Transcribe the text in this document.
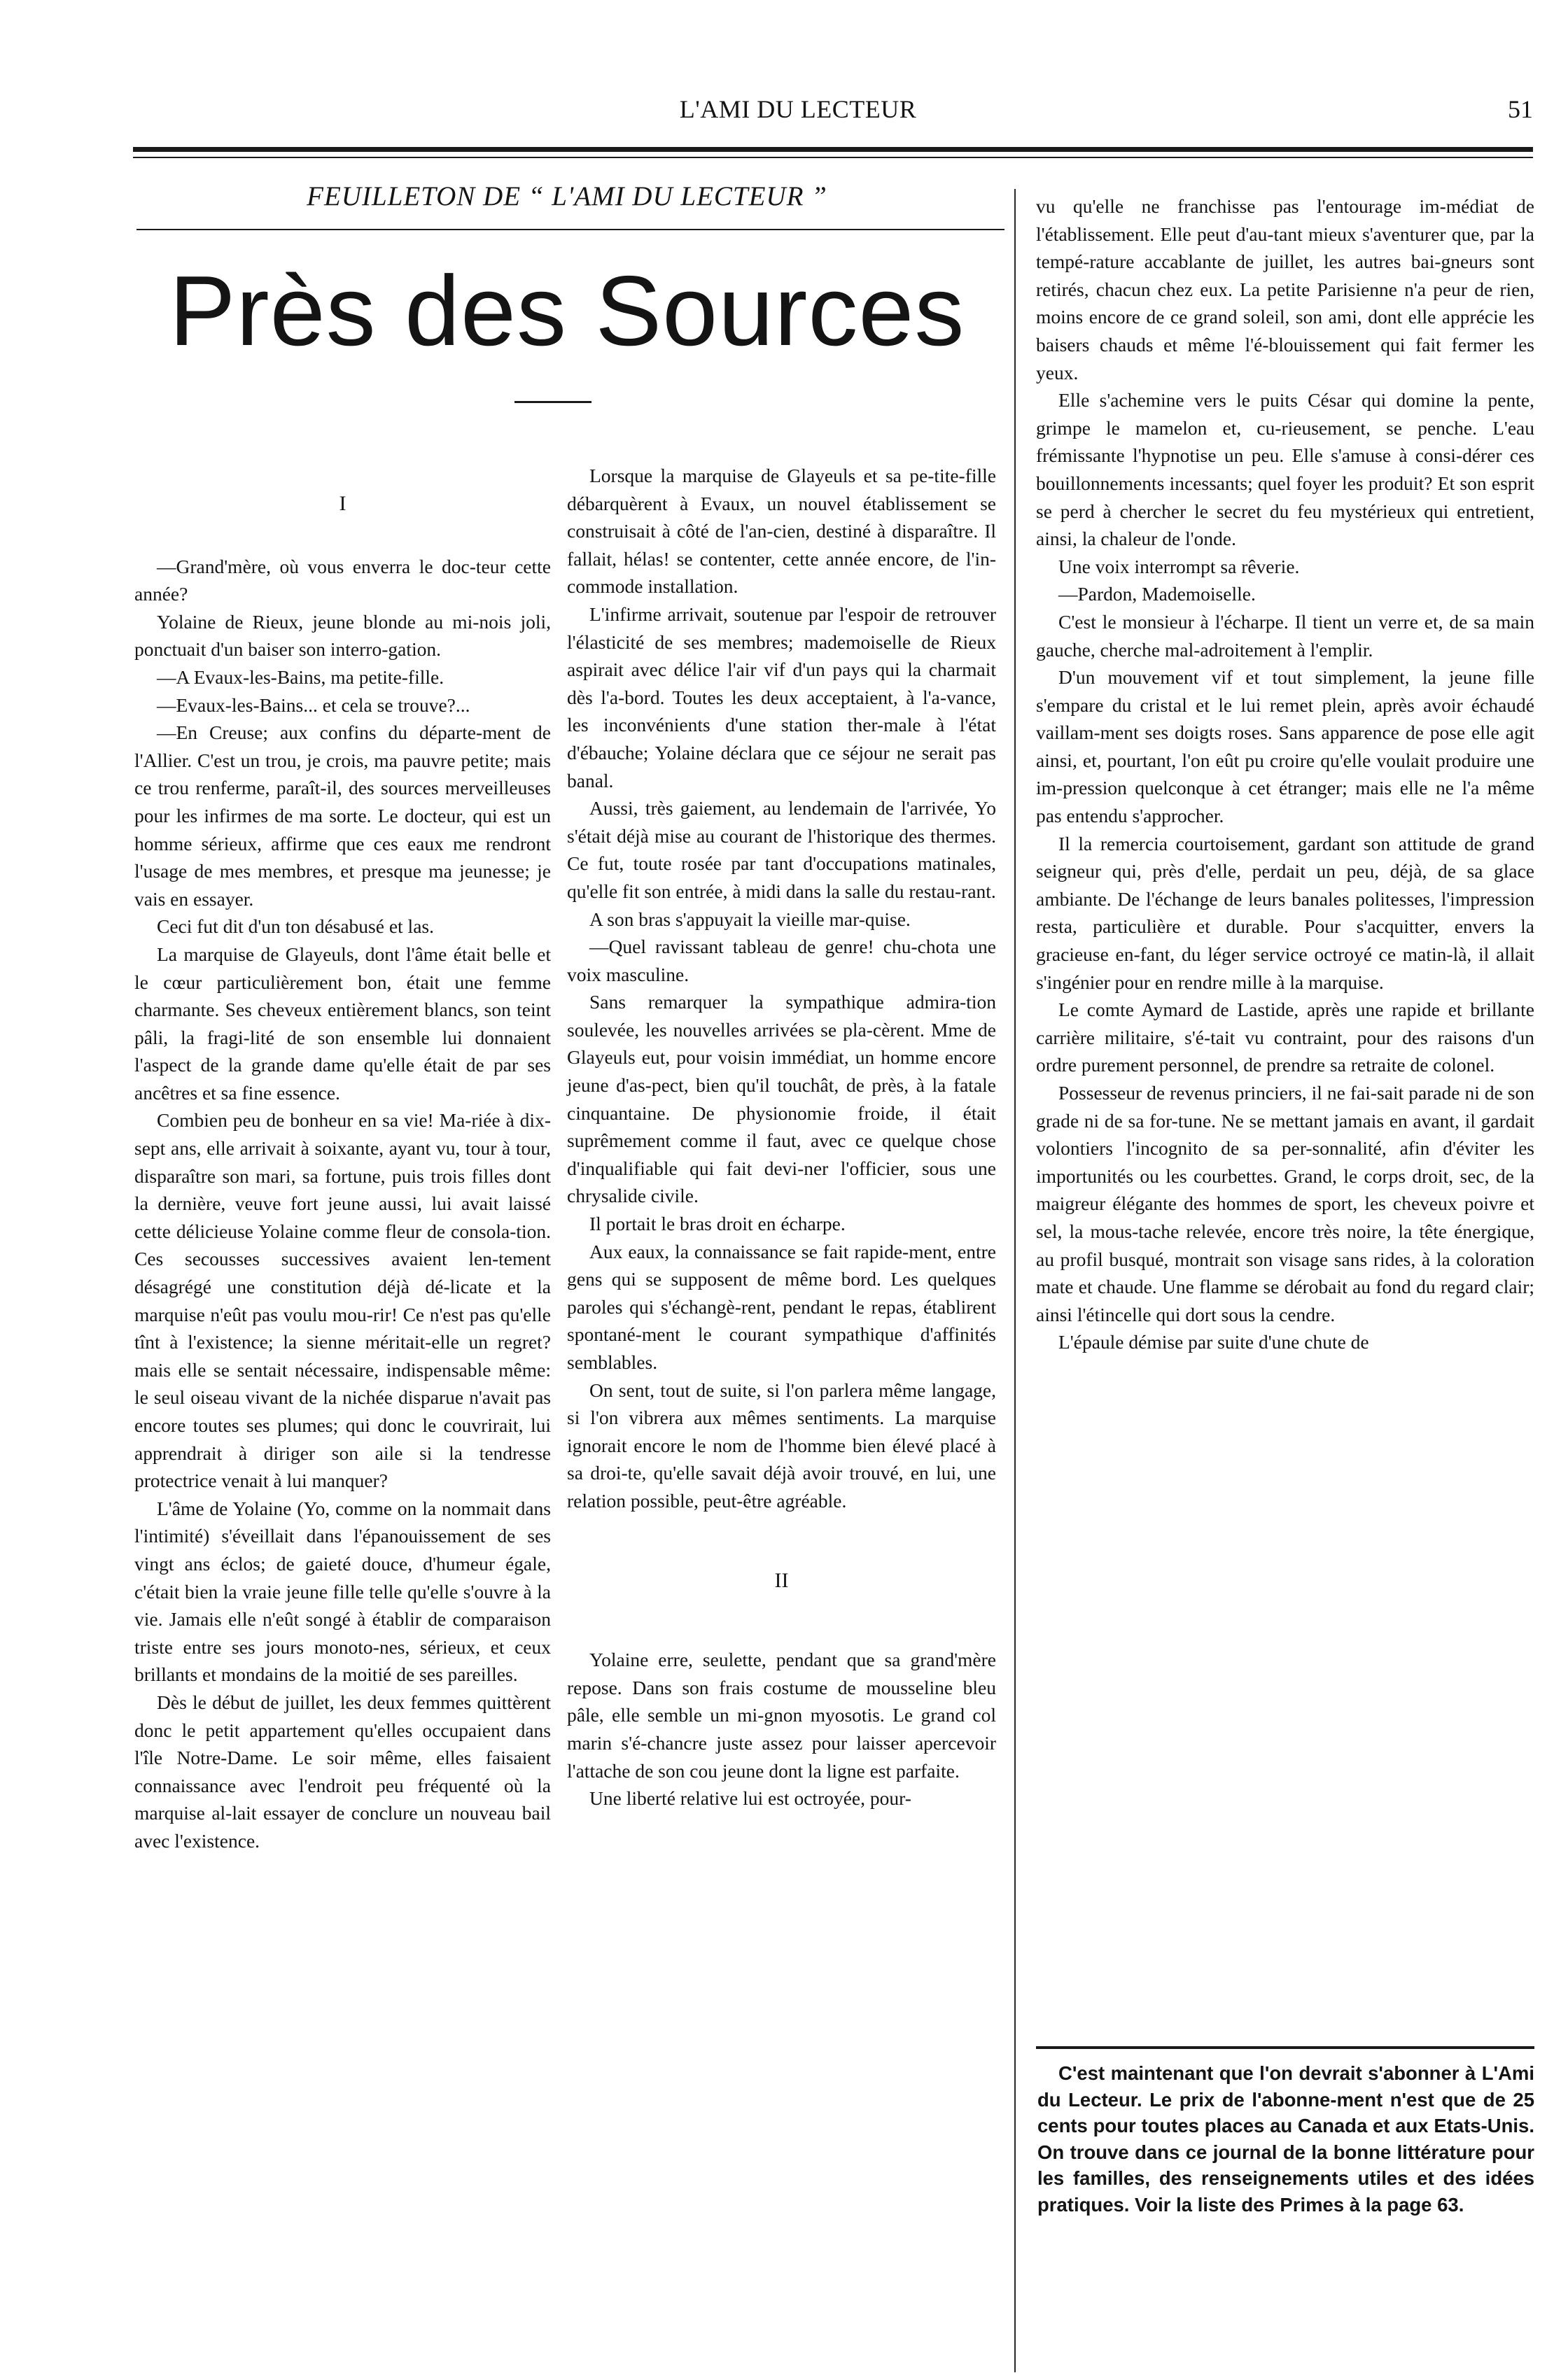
L'AMI DU LECTEUR	51
FEUILLETON DE “ L'AMI DU LECTEUR ”
Près des Sources

I

—Grand'mère, où vous enverra le doc-teur cette année?

Yolaine de Rieux, jeune blonde au mi-nois joli, ponctuait d'un baiser son interro-gation.

—A Evaux-les-Bains, ma petite-fille.

—Evaux-les-Bains... et cela se trouve?...

—En Creuse; aux confins du départe-ment de l'Allier. C'est un trou, je crois, ma pauvre petite; mais ce trou renferme, paraît-il, des sources merveilleuses pour les infirmes de ma sorte. Le docteur, qui est un homme sérieux, affirme que ces eaux me rendront l'usage de mes membres, et presque ma jeunesse; je vais en essayer.

Ceci fut dit d'un ton désabusé et las.

La marquise de Glayeuls, dont l'âme était belle et le cœur particulièrement bon, était une femme charmante. Ses cheveux entièrement blancs, son teint pâli, la fragi-lité de son ensemble lui donnaient l'aspect de la grande dame qu'elle était de par ses ancêtres et sa fine essence.

Combien peu de bonheur en sa vie! Ma-riée à dix-sept ans, elle arrivait à soixante, ayant vu, tour à tour, disparaître son mari, sa fortune, puis trois filles dont la dernière, veuve fort jeune aussi, lui avait laissé cette délicieuse Yolaine comme fleur de consola-tion. Ces secousses successives avaient len-tement désagrégé une constitution déjà dé-licate et la marquise n'eût pas voulu mou-rir! Ce n'est pas qu'elle tînt à l'existence; la sienne méritait-elle un regret? mais elle se sentait nécessaire, indispensable même: le seul oiseau vivant de la nichée disparue n'avait pas encore toutes ses plumes; qui donc le couvrirait, lui apprendrait à diriger son aile si la tendresse protectrice venait à lui manquer?

L'âme de Yolaine (Yo, comme on la nommait dans l'intimité) s'éveillait dans l'épanouissement de ses vingt ans éclos; de gaieté douce, d'humeur égale, c'était bien la vraie jeune fille telle qu'elle s'ouvre à la vie. Jamais elle n'eût songé à établir de comparaison triste entre ses jours monoto-nes, sérieux, et ceux brillants et mondains de la moitié de ses pareilles.

Dès le début de juillet, les deux femmes quittèrent donc le petit appartement qu'elles occupaient dans l'île Notre-Dame. Le soir même, elles faisaient connaissance avec l'endroit peu fréquenté où la marquise al-lait essayer de conclure un nouveau bail avec l'existence.

Lorsque la marquise de Glayeuls et sa pe-tite-fille débarquèrent à Evaux, un nouvel établissement se construisait à côté de l'an-cien, destiné à disparaître. Il fallait, hélas! se contenter, cette année encore, de l'in-commode installation.

L'infirme arrivait, soutenue par l'espoir de retrouver l'élasticité de ses membres; mademoiselle de Rieux aspirait avec délice l'air vif d'un pays qui la charmait dès l'a-bord. Toutes les deux acceptaient, à l'a-vance, les inconvénients d'une station ther-male à l'état d'ébauche; Yolaine déclara que ce séjour ne serait pas banal.

Aussi, très gaiement, au lendemain de l'arrivée, Yo s'était déjà mise au courant de l'historique des thermes. Ce fut, toute rosée par tant d'occupations matinales, qu'elle fit son entrée, à midi dans la salle du restau-rant.

A son bras s'appuyait la vieille mar-quise.

—Quel ravissant tableau de genre! chu-chota une voix masculine.

Sans remarquer la sympathique admira-tion soulevée, les nouvelles arrivées se pla-cèrent. Mme de Glayeuls eut, pour voisin immédiat, un homme encore jeune d'as-pect, bien qu'il touchât, de près, à la fatale cinquantaine. De physionomie froide, il était suprêmement comme il faut, avec ce quelque chose d'inqualifiable qui fait devi-ner l'officier, sous une chrysalide civile.

Il portait le bras droit en écharpe.

Aux eaux, la connaissance se fait rapide-ment, entre gens qui se supposent de même bord. Les quelques paroles qui s'échangè-rent, pendant le repas, établirent spontané-ment le courant sympathique d'affinités semblables.

On sent, tout de suite, si l'on parlera même langage, si l'on vibrera aux mêmes sentiments. La marquise ignorait encore le nom de l'homme bien élevé placé à sa droi-te, qu'elle savait déjà avoir trouvé, en lui, une relation possible, peut-être agréable.

II

Yolaine erre, seulette, pendant que sa grand'mère repose. Dans son frais costume de mousseline bleu pâle, elle semble un mi-gnon myosotis. Le grand col marin s'é-chancre juste assez pour laisser apercevoir l'attache de son cou jeune dont la ligne est parfaite.

Une liberté relative lui est octroyée, pour-

vu qu'elle ne franchisse pas l'entourage im-médiat de l'établissement. Elle peut d'au-tant mieux s'aventurer que, par la tempé-rature accablante de juillet, les autres bai-gneurs sont retirés, chacun chez eux. La petite Parisienne n'a peur de rien, moins encore de ce grand soleil, son ami, dont elle apprécie les baisers chauds et même l'é-blouissement qui fait fermer les yeux.

Elle s'achemine vers le puits César qui domine la pente, grimpe le mamelon et, cu-rieusement, se penche. L'eau frémissante l'hypnotise un peu. Elle s'amuse à consi-dérer ces bouillonnements incessants; quel foyer les produit? Et son esprit se perd à chercher le secret du feu mystérieux qui entretient, ainsi, la chaleur de l'onde.

Une voix interrompt sa rêverie.

—Pardon, Mademoiselle.

C'est le monsieur à l'écharpe. Il tient un verre et, de sa main gauche, cherche mal-adroitement à l'emplir.

D'un mouvement vif et tout simplement, la jeune fille s'empare du cristal et le lui remet plein, après avoir échaudé vaillam-ment ses doigts roses. Sans apparence de pose elle agit ainsi, et, pourtant, l'on eût pu croire qu'elle voulait produire une im-pression quelconque à cet étranger; mais elle ne l'a même pas entendu s'approcher.

Il la remercia courtoisement, gardant son attitude de grand seigneur qui, près d'elle, perdait un peu, déjà, de sa glace ambiante. De l'échange de leurs banales politesses, l'impression resta, particulière et durable. Pour s'acquitter, envers la gracieuse en-fant, du léger service octroyé ce matin-là, il allait s'ingénier pour en rendre mille à la marquise.

Le comte Aymard de Lastide, après une rapide et brillante carrière militaire, s'é-tait vu contraint, pour des raisons d'un ordre purement personnel, de prendre sa retraite de colonel.

Possesseur de revenus princiers, il ne fai-sait parade ni de son grade ni de sa for-tune. Ne se mettant jamais en avant, il gardait volontiers l'incognito de sa per-sonnalité, afin d'éviter les importunités ou les courbettes. Grand, le corps droit, sec, de la maigreur élégante des hommes de sport, les cheveux poivre et sel, la mous-tache relevée, encore très noire, la tête énergique, au profil busqué, montrait son visage sans rides, à la coloration mate et chaude. Une flamme se dérobait au fond du regard clair; ainsi l'étincelle qui dort sous la cendre.

L'épaule démise par suite d'une chute de

C'est maintenant que l'on devrait s'abonner à L'Ami du Lecteur. Le prix de l'abonne-ment n'est que de 25 cents pour toutes places au Canada et aux Etats-Unis. On trouve dans ce journal de la bonne littérature pour les familles, des renseignements utiles et des idées pratiques. Voir la liste des Primes à la page 63.
